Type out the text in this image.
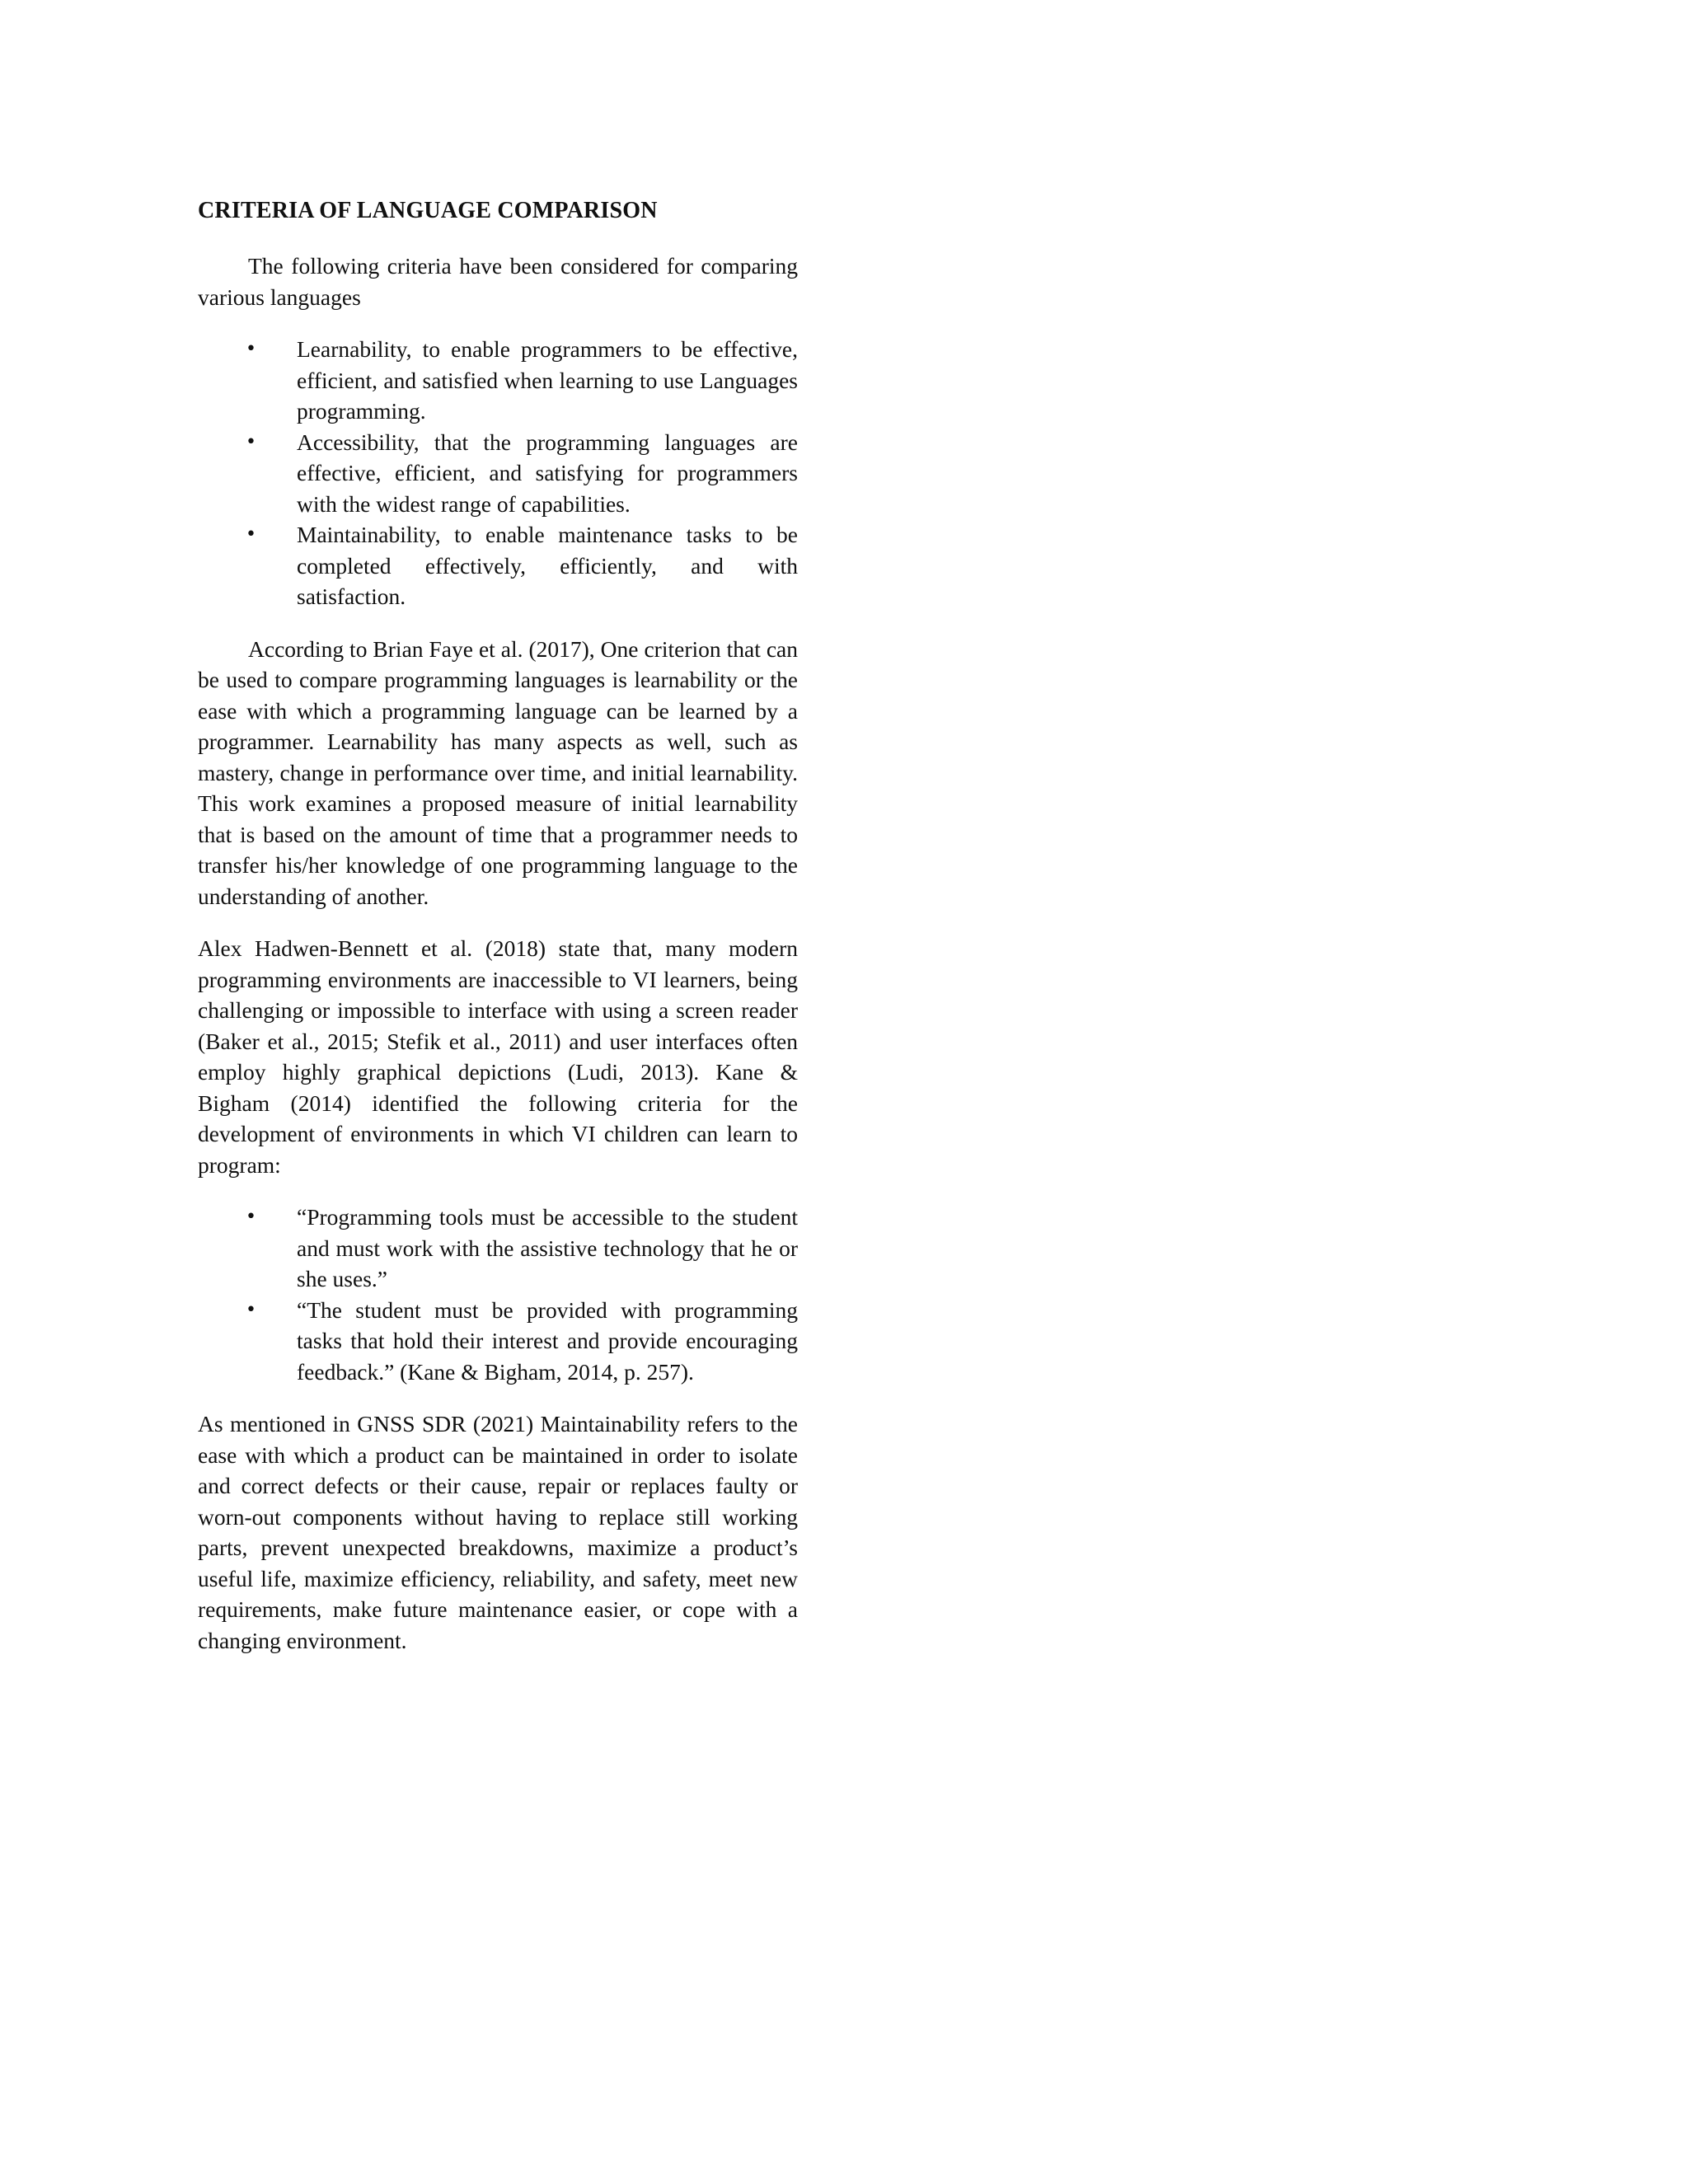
CRITERIA OF LANGUAGE COMPARISON

The following criteria have been considered for comparing various languages

• Learnability, to enable programmers to be effective, efficient, and satisfied when learning to use Languages programming.
• Accessibility, that the programming languages are effective, efficient, and satisfying for programmers with the widest range of capabilities.
• Maintainability, to enable maintenance tasks to be completed effectively, efficiently, and with satisfaction.

According to Brian Faye et al. (2017), One criterion that can be used to compare programming languages is learnability or the ease with which a programming language can be learned by a programmer. Learnability has many aspects as well, such as mastery, change in performance over time, and initial learnability. This work examines a proposed measure of initial learnability that is based on the amount of time that a programmer needs to transfer his/her knowledge of one programming language to the understanding of another.

Alex Hadwen-Bennett et al. (2018) state that, many modern programming environments are inaccessible to VI learners, being challenging or impossible to interface with using a screen reader (Baker et al., 2015; Stefik et al., 2011) and user interfaces often employ highly graphical depictions (Ludi, 2013). Kane & Bigham (2014) identified the following criteria for the development of environments in which VI children can learn to program:

• “Programming tools must be accessible to the student and must work with the assistive technology that he or she uses.”
• “The student must be provided with programming tasks that hold their interest and provide encouraging feedback.” (Kane & Bigham, 2014, p. 257).

As mentioned in GNSS SDR (2021) Maintainability refers to the ease with which a product can be maintained in order to isolate and correct defects or their cause, repair or replaces faulty or worn-out components without having to replace still working parts, prevent unexpected breakdowns, maximize a product’s useful life, maximize efficiency, reliability, and safety, meet new requirements, make future maintenance easier, or cope with a changing environment.
